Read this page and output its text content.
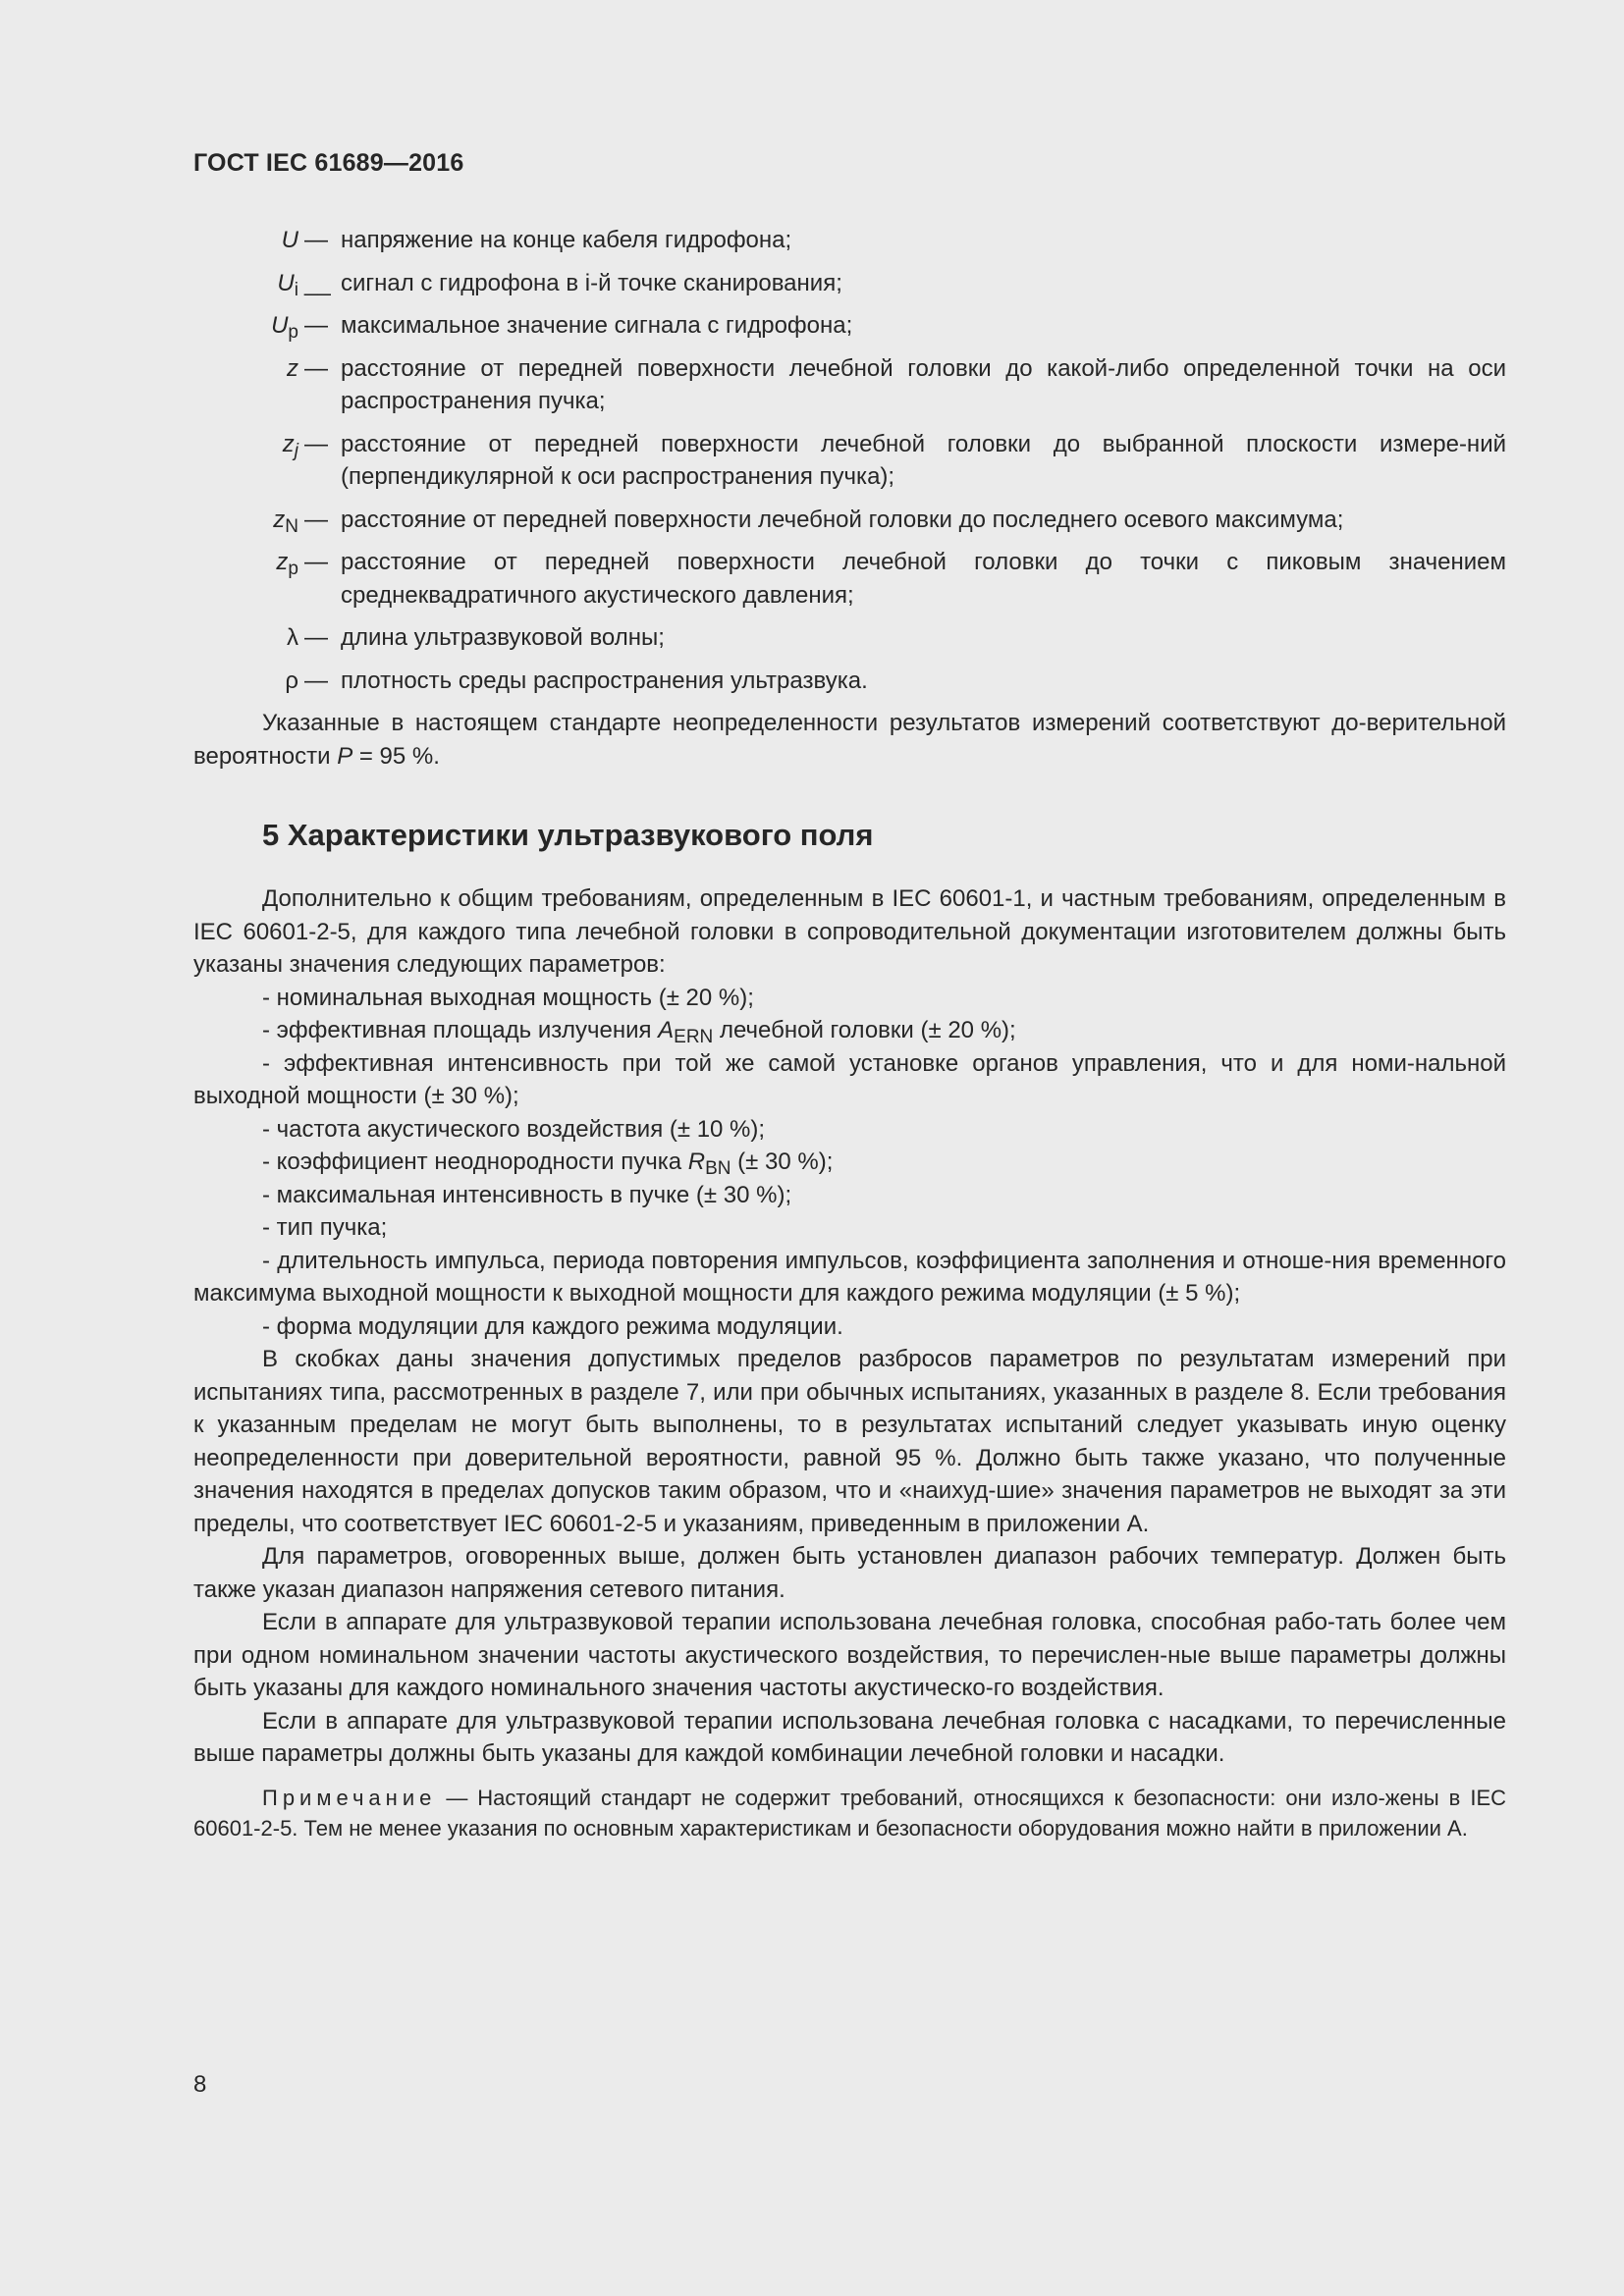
ГОСТ IEC 61689—2016
U — напряжение на конце кабеля гидрофона;
$U_i$ __ сигнал с гидрофона в i-й точке сканирования;
$U_p$ — максимальное значение сигнала с гидрофона;
z — расстояние от передней поверхности лечебной головки до какой-либо определенной точки на оси распространения пучка;
$z_j$ — расстояние от передней поверхности лечебной головки до выбранной плоскости измере-ний (перпендикулярной к оси распространения пучка);
$z_N$ — расстояние от передней поверхности лечебной головки до последнего осевого максимума;
$z_p$ — расстояние от передней поверхности лечебной головки до точки с пиковым значением среднеквадратичного акустического давления;
λ — длина ультразвуковой волны;
ρ — плотность среды распространения ультразвука.

Указанные в настоящем стандарте неопределенности результатов измерений соответствуют до-верительной вероятности P = 95 %.

5 Характеристики ультразвукового поля

Дополнительно к общим требованиям, определенным в IEC 60601-1, и частным требованиям, определенным в IEC 60601-2-5, для каждого типа лечебной головки в сопроводительной документации изготовителем должны быть указаны значения следующих параметров:

- номинальная выходная мощность (± 20 %);

- эффективная площадь излучения $A_{ERN}$ лечебной головки (± 20 %);

- эффективная интенсивность при той же самой установке органов управления, что и для номи-нальной выходной мощности (± 30 %);

- частота акустического воздействия (± 10 %);

- коэффициент неоднородности пучка $R_{BN}$ (± 30 %);

- максимальная интенсивность в пучке (± 30 %);

- тип пучка;

- длительность импульса, периода повторения импульсов, коэффициента заполнения и отноше-ния временного максимума выходной мощности к выходной мощности для каждого режима модуляции (± 5 %);

- форма модуляции для каждого режима модуляции.

В скобках даны значения допустимых пределов разбросов параметров по результатам измерений при испытаниях типа, рассмотренных в разделе 7, или при обычных испытаниях, указанных в разделе 8. Если требования к указанным пределам не могут быть выполнены, то в результатах испытаний следует указывать иную оценку неопределенности при доверительной вероятности, равной 95 %. Должно быть также указано, что полученные значения находятся в пределах допусков таким образом, что и «наихуд-шие» значения параметров не выходят за эти пределы, что соответствует IEC 60601-2-5 и указаниям, приведенным в приложении А.

Для параметров, оговоренных выше, должен быть установлен диапазон рабочих температур. Должен быть также указан диапазон напряжения сетевого питания.

Если в аппарате для ультразвуковой терапии использована лечебная головка, способная рабо-тать более чем при одном номинальном значении частоты акустического воздействия, то перечислен-ные выше параметры должны быть указаны для каждого номинального значения частоты акустическо-го воздействия.

Если в аппарате для ультразвуковой терапии использована лечебная головка с насадками, то перечисленные выше параметры должны быть указаны для каждой комбинации лечебной головки и насадки.

Примечание — Настоящий стандарт не содержит требований, относящихся к безопасности: они изло-жены в IEC 60601-2-5. Тем не менее указания по основным характеристикам и безопасности оборудования можно найти в приложении А.

8
